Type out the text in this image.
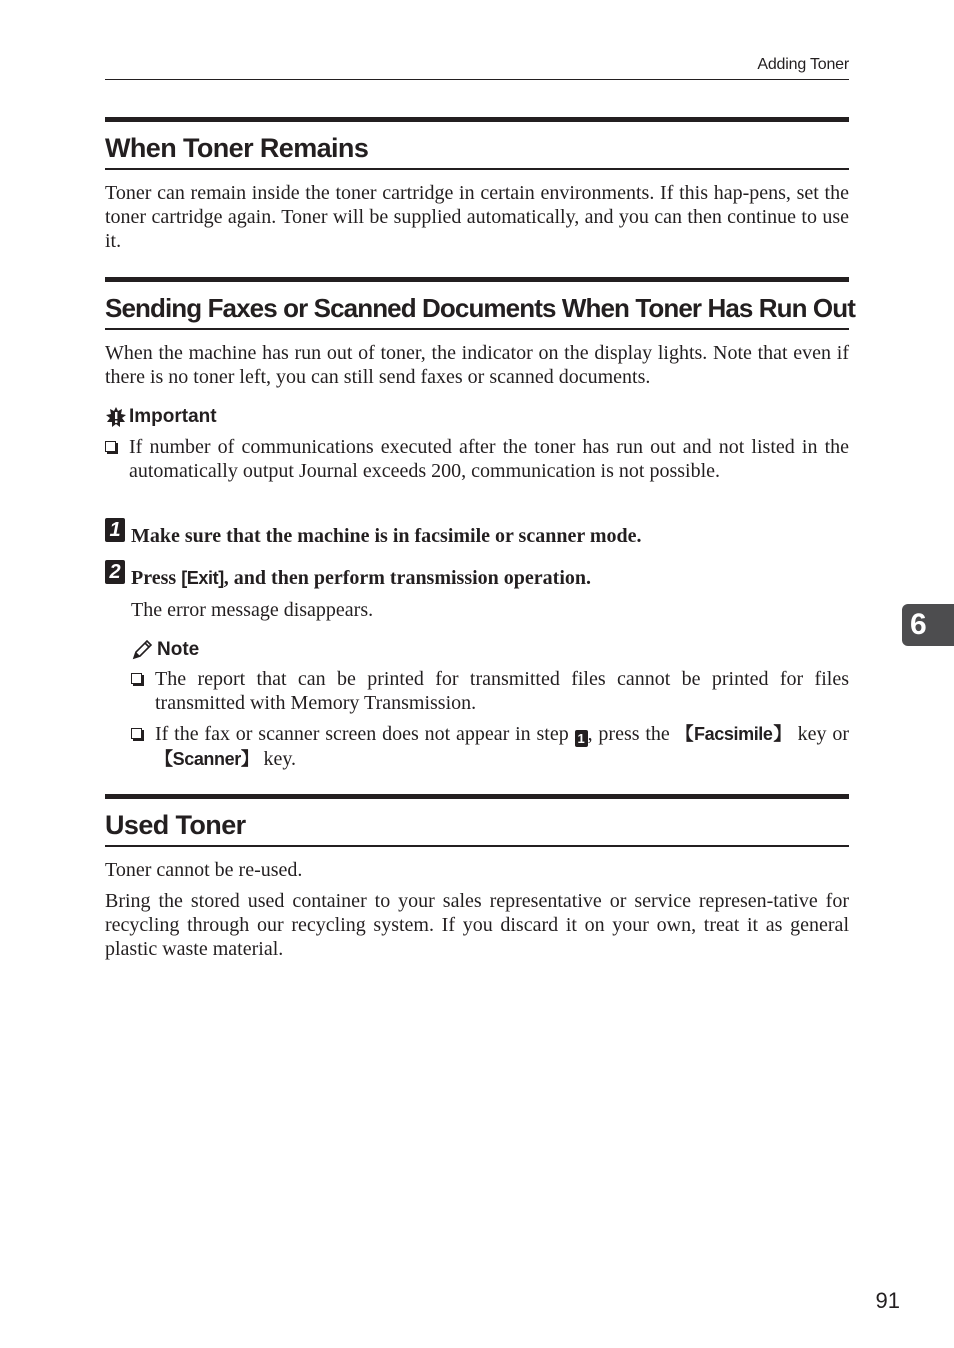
Adding Toner
When Toner Remains

Toner can remain inside the toner cartridge in certain environments. If this hap-pens, set the toner cartridge again. Toner will be supplied automatically, and you can then continue to use it.

Sending Faxes or Scanned Documents When Toner Has Run Out

When the machine has run out of toner, the indicator on the display lights. Note that even if there is no toner left, you can still send faxes or scanned documents.

Important
If number of communications executed after the toner has run out and not listed in the automatically output Journal exceeds 200, communication is not possible.
1 Make sure that the machine is in facsimile or scanner mode.
2 Press [Exit], and then perform transmission operation.
The error message disappears.
Note
The report that can be printed for transmitted files cannot be printed for files transmitted with Memory Transmission.
If the fax or scanner screen does not appear in step 1 , press the 【Facsimile】 key or 【Scanner】 key.
Used Toner

Toner cannot be re-used.

Bring the stored used container to your sales representative or service represen-tative for recycling through our recycling system. If you discard it on your own, treat it as general plastic waste material.

6
91
